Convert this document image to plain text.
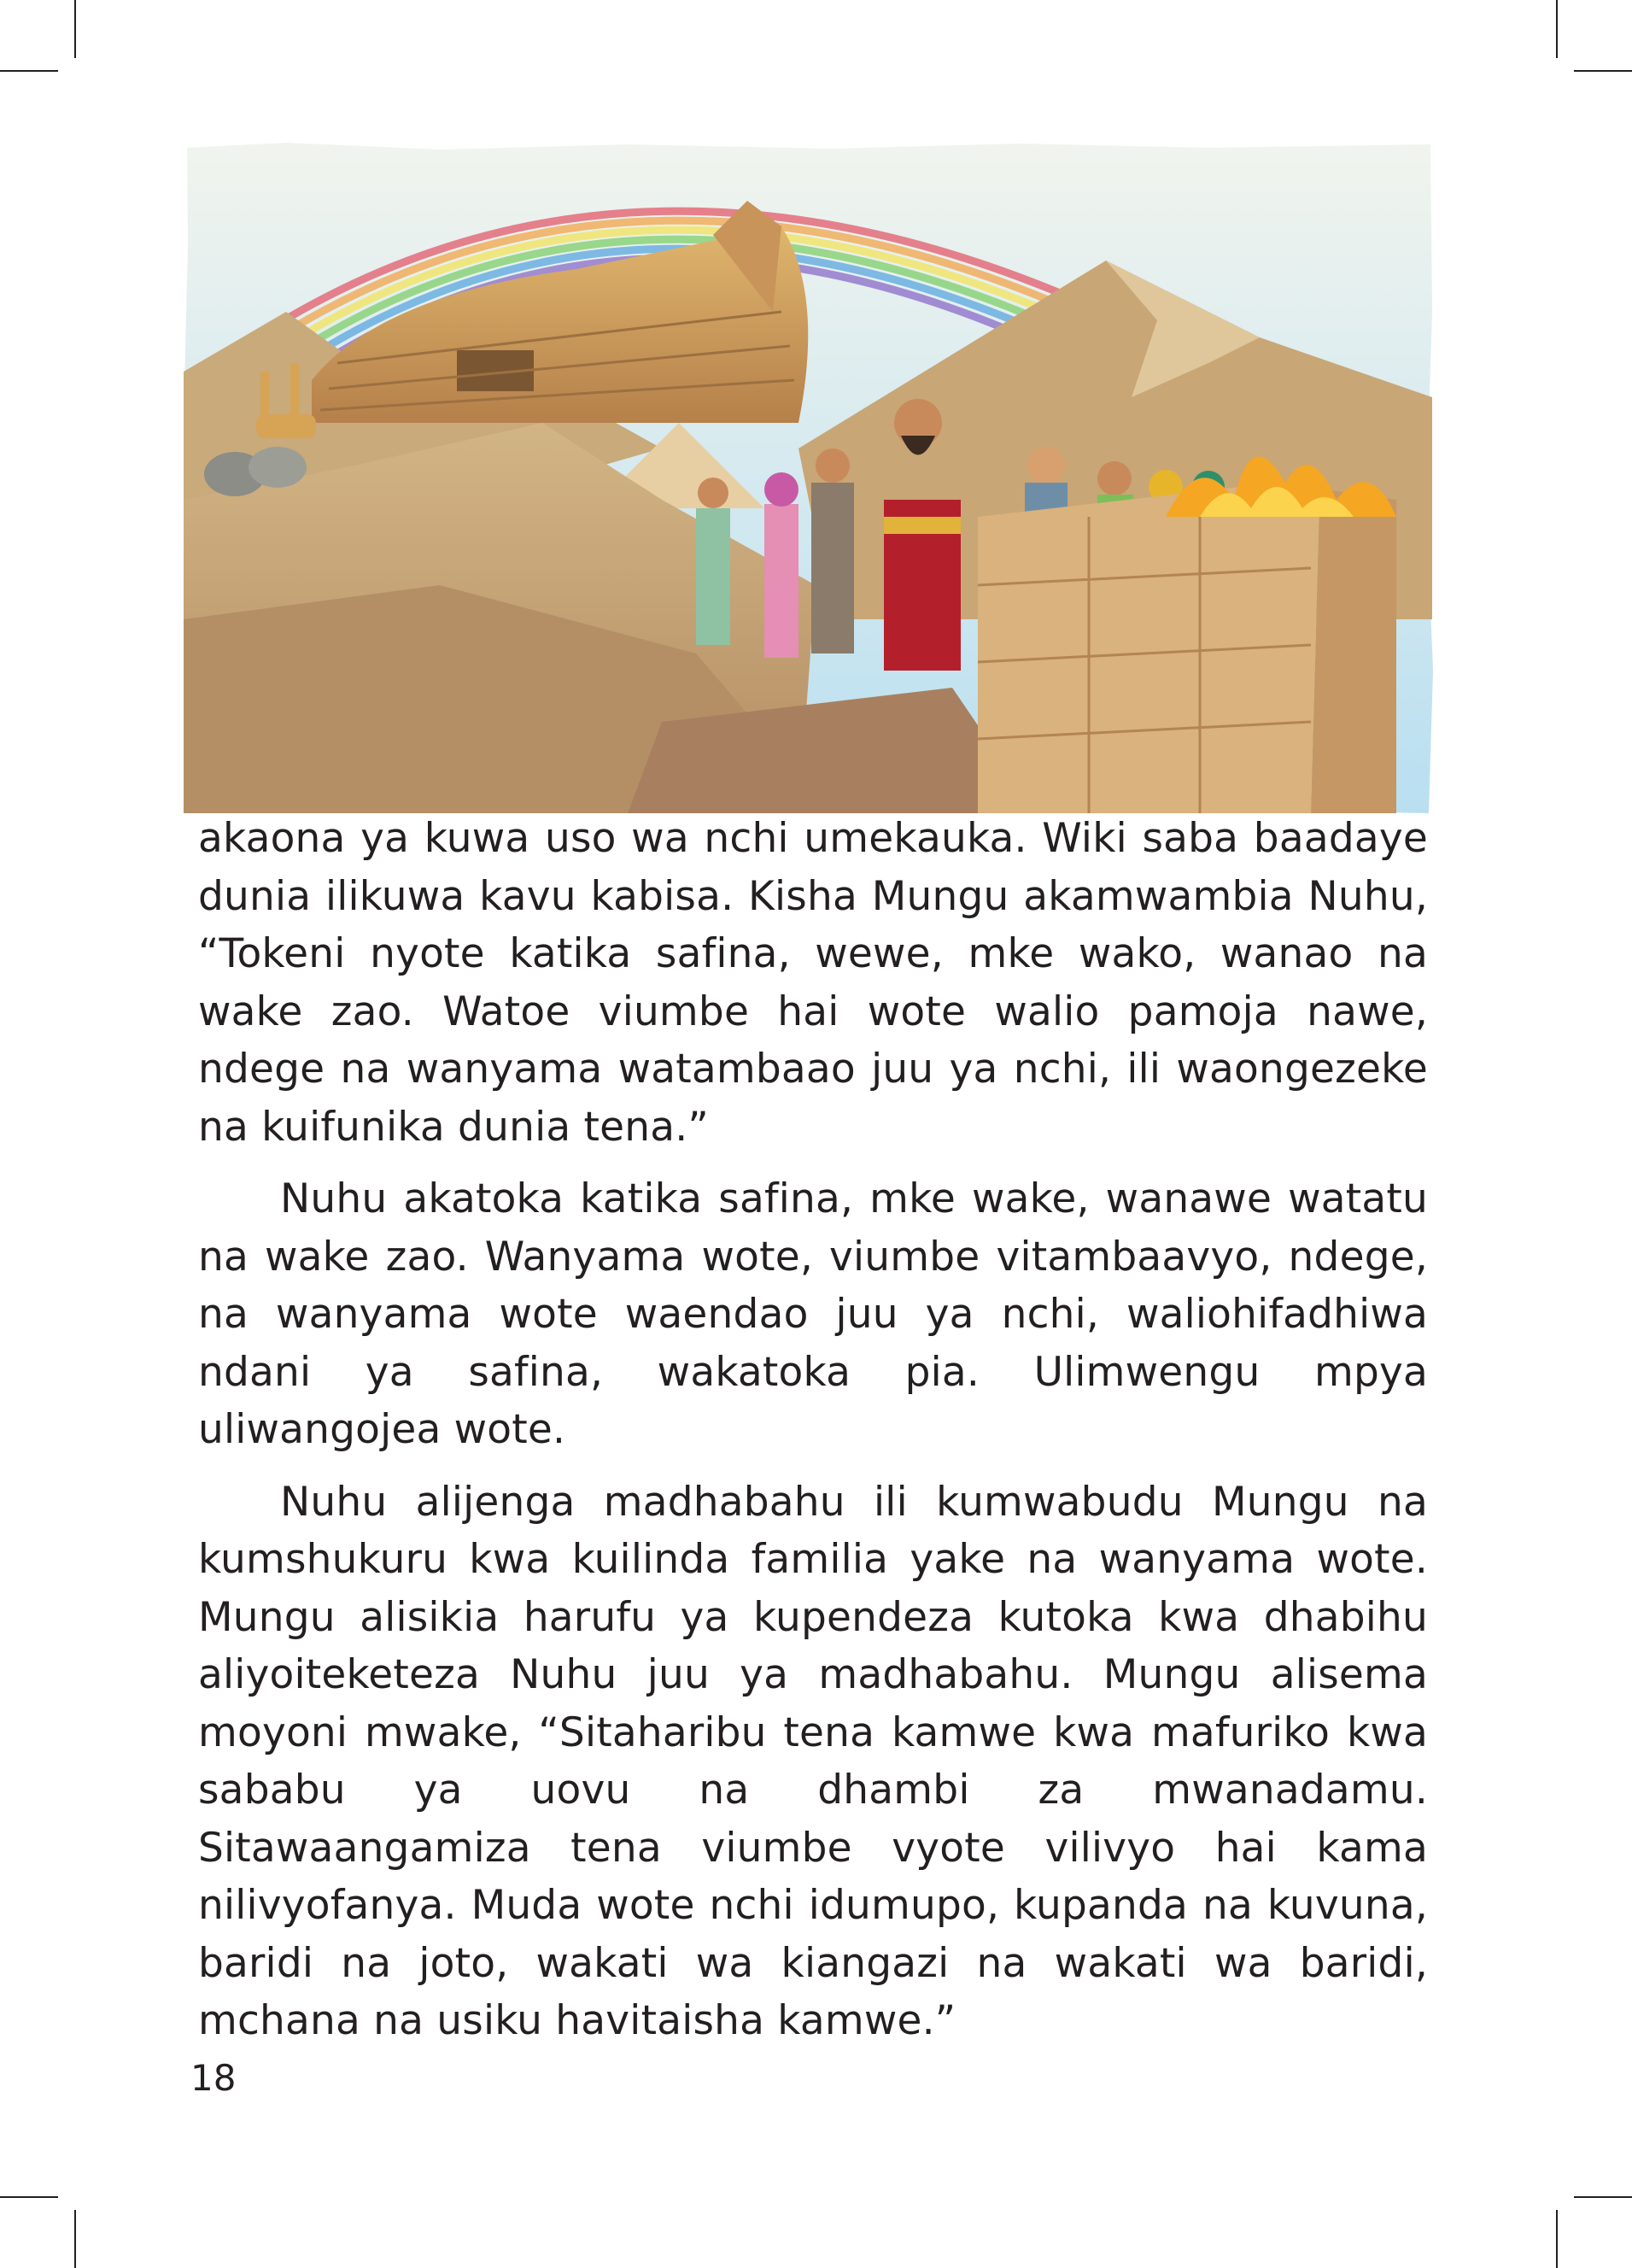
akaona ya kuwa uso wa nchi umekauka. Wiki saba baadaye dunia ilikuwa kavu kabisa. Kisha Mungu akamwambia Nuhu, “Tokeni nyote katika safina, wewe, mke wako, wanao na wake zao. Watoe viumbe hai wote walio pamoja nawe, ndege na wanyama watambaao juu ya nchi, ili waongezeke na kuifunika dunia tena.”

Nuhu akatoka katika safina, mke wake, wanawe watatu na wake zao. Wanyama wote, viumbe vitambaavyo, ndege, na wanyama wote waendao juu ya nchi, waliohifadhiwa ndani ya safina, wakatoka pia. Ulimwengu mpya uliwangojea wote.

Nuhu alijenga madhabahu ili kumwabudu Mungu na kumshukuru kwa kuilinda familia yake na wanyama wote. Mungu alisikia harufu ya kupendeza kutoka kwa dhabihu aliyoiteketeza Nuhu juu ya madhabahu. Mungu alisema moyoni mwake, “Sitaharibu tena kamwe kwa mafuriko kwa sababu ya uovu na dhambi za mwanadamu. Sitawaangamiza tena viumbe vyote vilivyo hai kama nilivyofanya. Muda wote nchi idumupo, kupanda na kuvuna, baridi na joto, wakati wa kiangazi na wakati wa baridi, mchana na usiku havitaisha kamwe.”

18
